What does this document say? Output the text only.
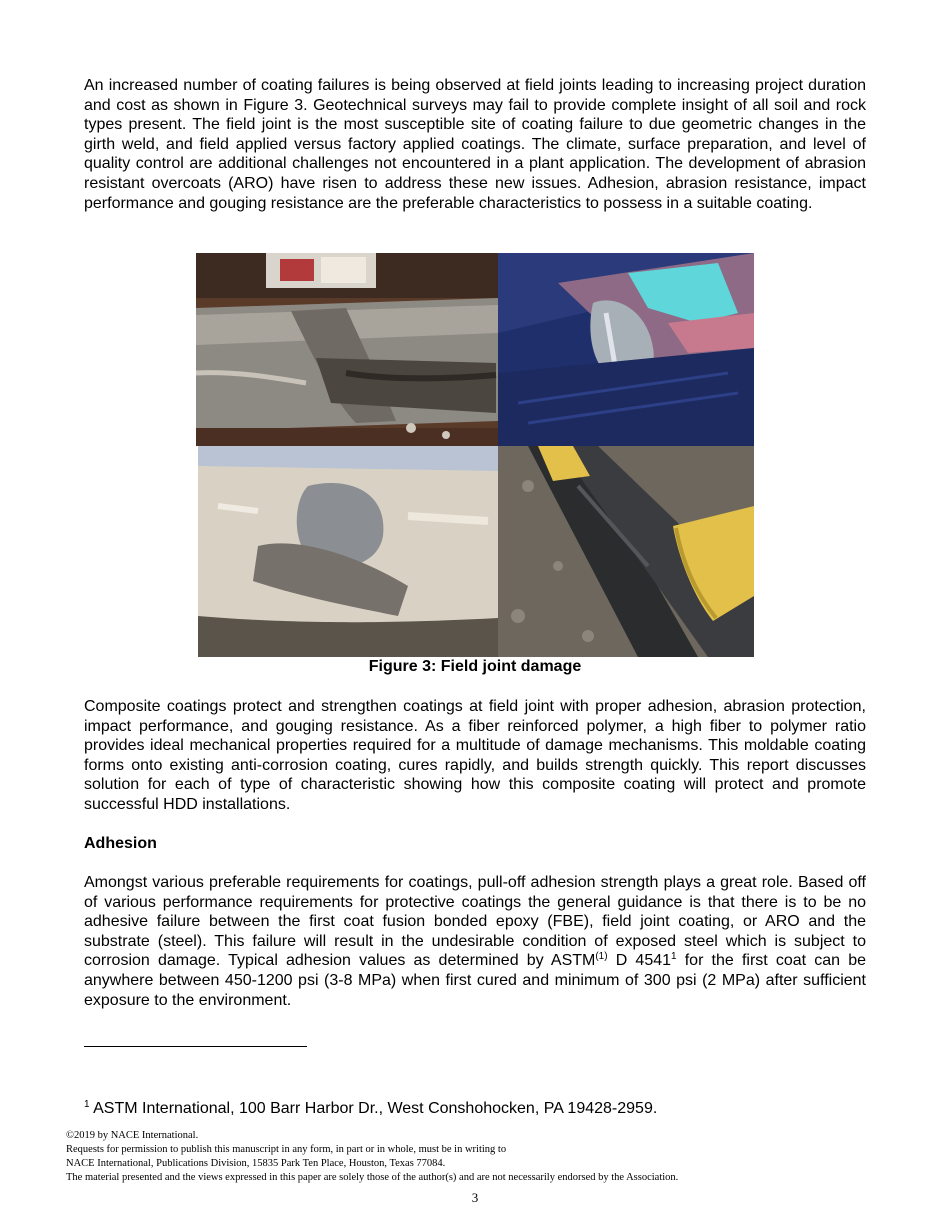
An increased number of coating failures is being observed at field joints leading to increasing project duration and cost as shown in Figure 3. Geotechnical surveys may fail to provide complete insight of all soil and rock types present. The field joint is the most susceptible site of coating failure to due geometric changes in the girth weld, and field applied versus factory applied coatings. The climate, surface preparation, and level of quality control are additional challenges not encountered in a plant application. The development of abrasion resistant overcoats (ARO) have risen to address these new issues. Adhesion, abrasion resistance, impact performance and gouging resistance are the preferable characteristics to possess in a suitable coating.

Figure 3: Field joint damage

Composite coatings protect and strengthen coatings at field joint with proper adhesion, abrasion protection, impact performance, and gouging resistance. As a fiber reinforced polymer, a high fiber to polymer ratio provides ideal mechanical properties required for a multitude of damage mechanisms. This moldable coating forms onto existing anti-corrosion coating, cures rapidly, and builds strength quickly. This report discusses solution for each of type of characteristic showing how this composite coating will protect and promote successful HDD installations.

Adhesion

Amongst various preferable requirements for coatings, pull-off adhesion strength plays a great role. Based off of various performance requirements for protective coatings the general guidance is that there is to be no adhesive failure between the first coat fusion bonded epoxy (FBE), field joint coating, or ARO and the substrate (steel). This failure will result in the undesirable condition of exposed steel which is subject to corrosion damage. Typical adhesion values as determined by ASTM$^{(1)}$ D 4541$^1$ for the first coat can be anywhere between 450-1200 psi (3-8 MPa) when first cured and minimum of 300 psi (2 MPa) after sufficient exposure to the environment.

$^1$ ASTM International, 100 Barr Harbor Dr., West Conshohocken, PA 19428-2959.

©2019 by NACE International.
Requests for permission to publish this manuscript in any form, in part or in whole, must be in writing to
NACE International, Publications Division, 15835 Park Ten Place, Houston, Texas 77084.
The material presented and the views expressed in this paper are solely those of the author(s) and are not necessarily endorsed by the Association.
3
